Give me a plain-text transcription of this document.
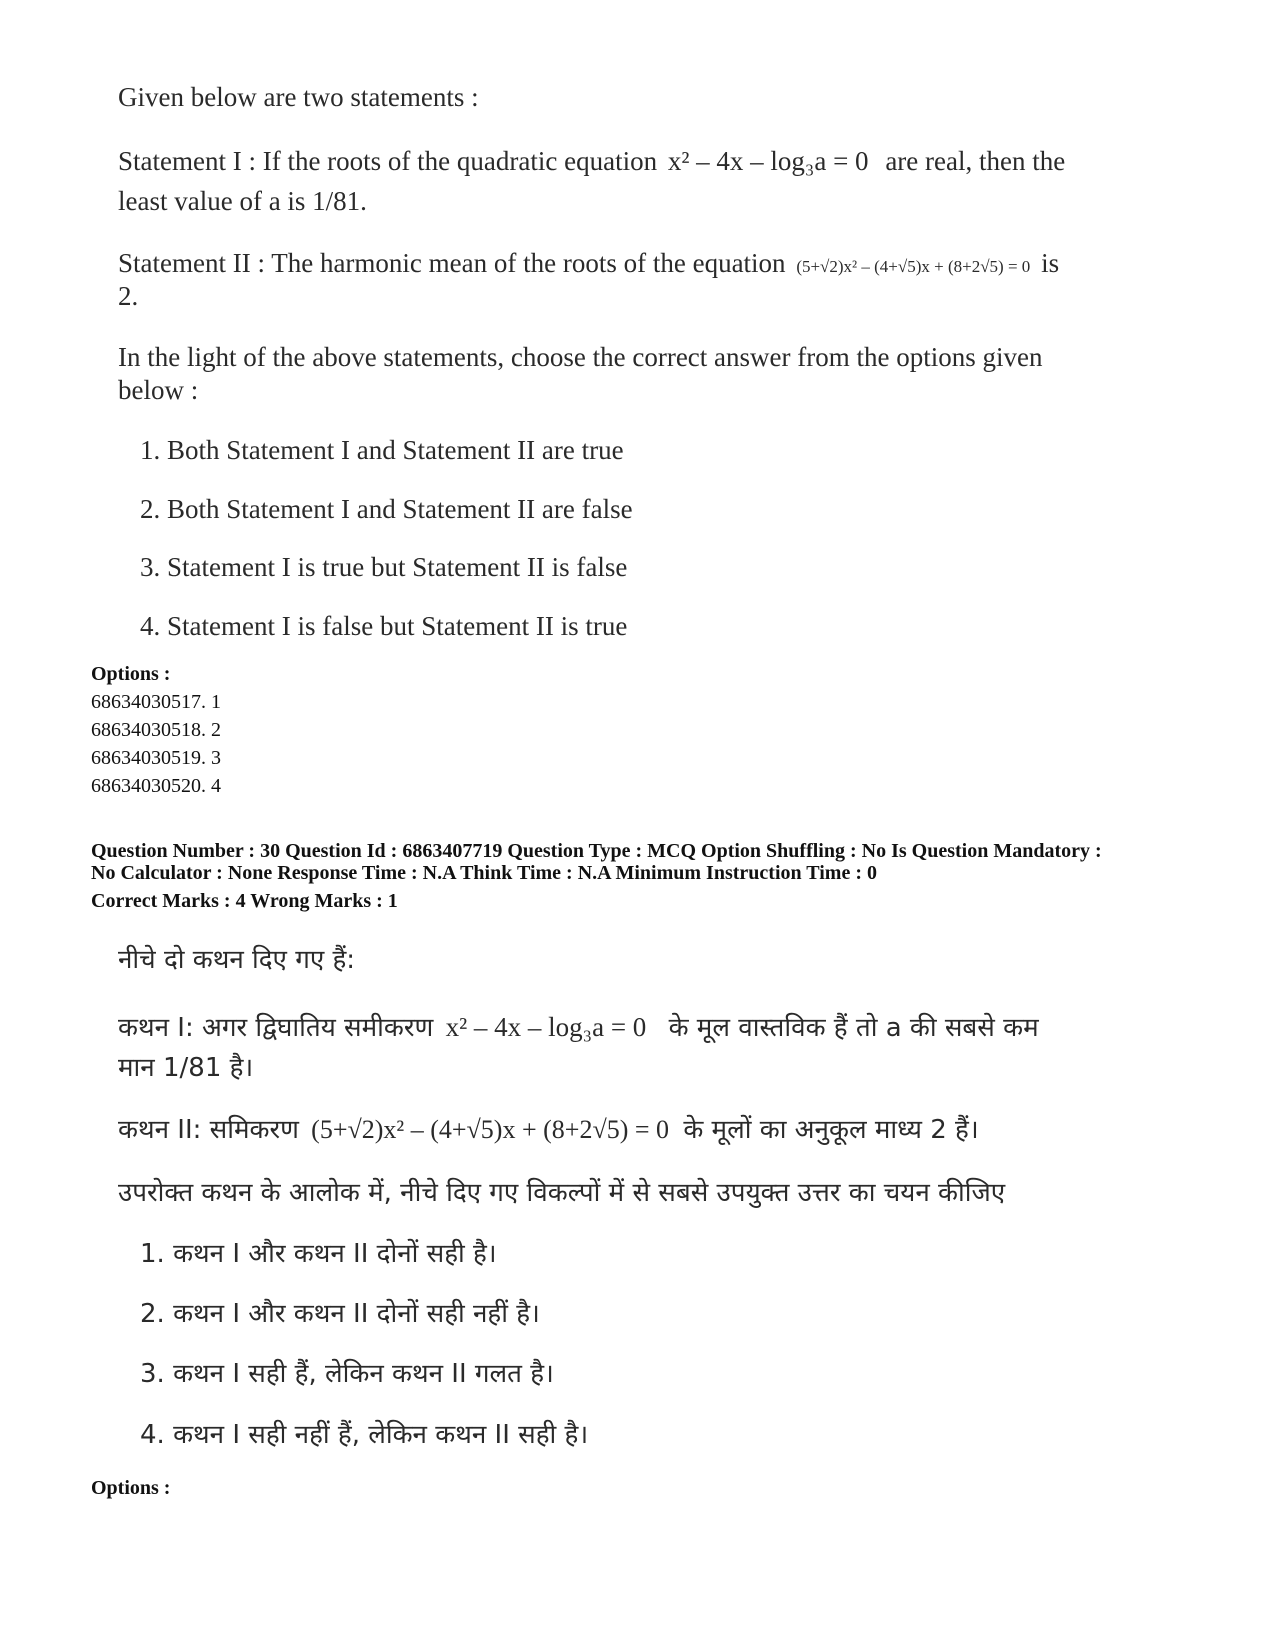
Given below are two statements :
Statement I : If the roots of the quadratic equation x² – 4x – log₃a = 0 are real, then the
least value of a is 1/81.
Statement II : The harmonic mean of the roots of the equation (5+√2)x² – (4+√5)x + (8+2√5) = 0 is
2.
In the light of the above statements, choose the correct answer from the options given
below :
1. Both Statement I and Statement II are true
2. Both Statement I and Statement II are false
3. Statement I is true but Statement II is false
4. Statement I is false but Statement II is true
Options :
68634030517. 1
68634030518. 2
68634030519. 3
68634030520. 4
Question Number : 30 Question Id : 6863407719 Question Type : MCQ Option Shuffling : No Is Question Mandatory :
No Calculator : None Response Time : N.A Think Time : N.A Minimum Instruction Time : 0
Correct Marks : 4 Wrong Marks : 1
नीचे दो कथन दिए गए हैं:
कथन I: अगर द्विघातिय समीकरण x² – 4x – log₃a = 0 के मूल वास्तविक हैं तो a की सबसे कम
मान 1/81 है।
कथन II: समिकरण (5+√2)x² – (4+√5)x + (8+2√5) = 0 के मूलों का अनुकूल माध्य 2 हैं।
उपरोक्त कथन के आलोक में, नीचे दिए गए विकल्पों में से सबसे उपयुक्त उत्तर का चयन कीजिए
1. कथन I और कथन II दोनों सही है।
2. कथन I और कथन II दोनों सही नहीं है।
3. कथन I सही हैं, लेकिन कथन II गलत है।
4. कथन I सही नहीं हैं, लेकिन कथन II सही है।
Options :
